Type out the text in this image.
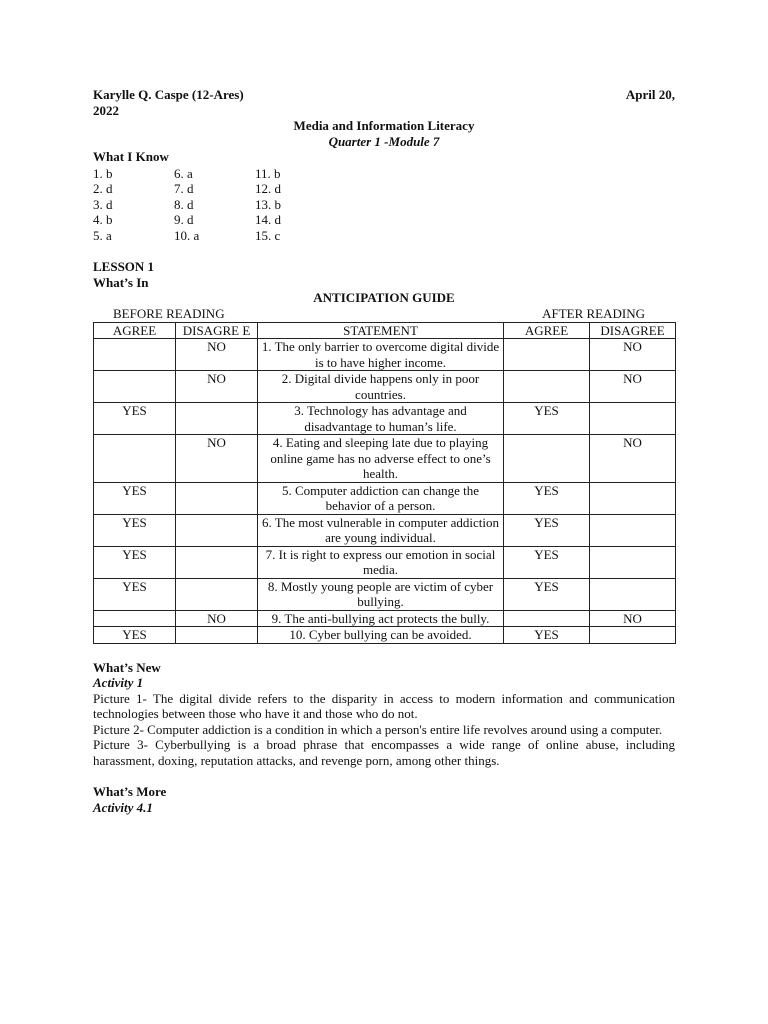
Karylle Q. Caspe (12-Ares)	April 20,
2022
Media and Information Literacy
Quarter 1 -Module 7
What I Know
1. b	6. a	11. b
2. d	7. d	12. d
3. d	8. d	13. b
4. b	9. d	14. d
5. a	10. a	15. c
LESSON 1
What’s In
ANTICIPATION GUIDE
BEFORE READING	AFTER READING
AGREE	DISAGRE E	STATEMENT	AGREE	DISAGREE
	NO	1. The only barrier to overcome digital divide is to have higher income.		NO
	NO	2. Digital divide happens only in poor countries.		NO
YES		3. Technology has advantage and disadvantage to human’s life.	YES	
	NO	4. Eating and sleeping late due to playing online game has no adverse effect to one’s health.		NO
YES		5. Computer addiction can change the behavior of a person.	YES	
YES		6. The most vulnerable in computer addiction are young individual.	YES	
YES		7. It is right to express our emotion in social media.	YES	
YES		8. Mostly young people are victim of cyber bullying.	YES	
	NO	9. The anti-bullying act protects the bully.		NO
YES		10. Cyber bullying can be avoided.	YES	
What’s New
Activity 1
Picture 1- The digital divide refers to the disparity in access to modern information and communication technologies between those who have it and those who do not.
Picture 2- Computer addiction is a condition in which a person's entire life revolves around using a computer.
Picture 3- Cyberbullying is a broad phrase that encompasses a wide range of online abuse, including harassment, doxing, reputation attacks, and revenge porn, among other things.
What’s More
Activity 4.1
